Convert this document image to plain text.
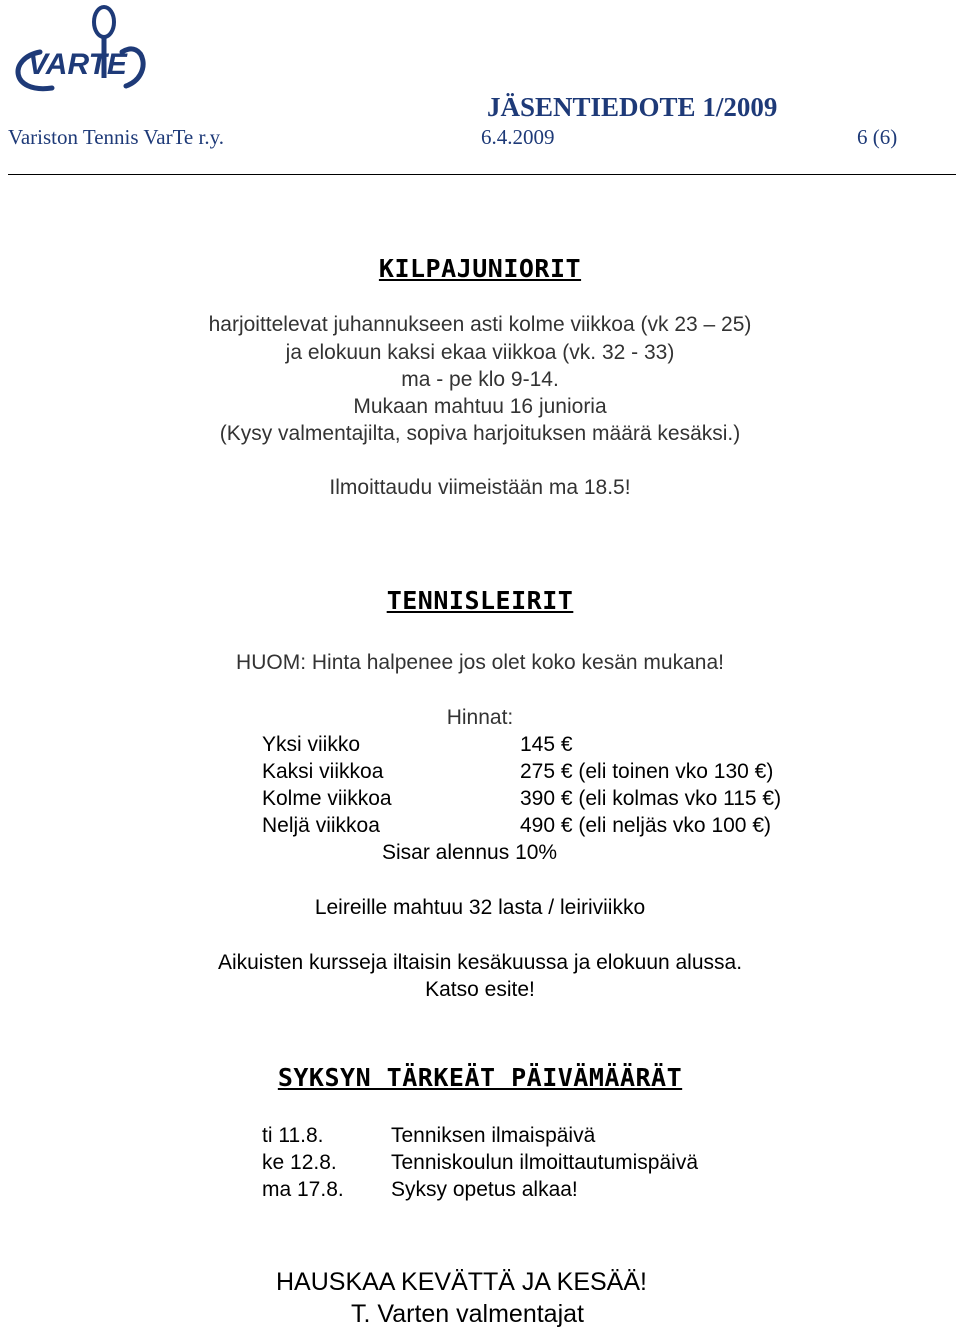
VARTE
JÄSENTIEDOTE 1/2009
Variston Tennis VarTe r.y.	6.4.2009	6 (6)
KILPAJUNIORIT
harjoittelevat juhannukseen asti kolme viikkoa (vk 23 – 25)
ja elokuun kaksi ekaa viikkoa (vk. 32 - 33)
ma - pe klo 9-14.
Mukaan mahtuu 16 junioria
(Kysy valmentajilta, sopiva harjoituksen määrä kesäksi.)
Ilmoittaudu viimeistään ma 18.5!
TENNISLEIRIT
HUOM: Hinta halpenee jos olet koko kesän mukana!
Hinnat:
Yksi viikko	145 €
Kaksi viikkoa	275 € (eli toinen vko 130 €)
Kolme viikkoa	390 € (eli kolmas vko 115 €)
Neljä viikkoa	490 € (eli neljäs vko 100 €)
Sisar alennus 10%
Leireille mahtuu 32 lasta / leiriviikko
Aikuisten kursseja iltaisin kesäkuussa ja elokuun alussa.
Katso esite!
SYKSYN TÄRKEÄT PÄIVÄMÄÄRÄT
ti 11.8.	Tenniksen ilmaispäivä
ke 12.8.	Tenniskoulun ilmoittautumispäivä
ma 17.8. Syksy opetus alkaa!
HAUSKAA KEVÄTTÄ JA KESÄÄ!
T. Varten valmentajat
